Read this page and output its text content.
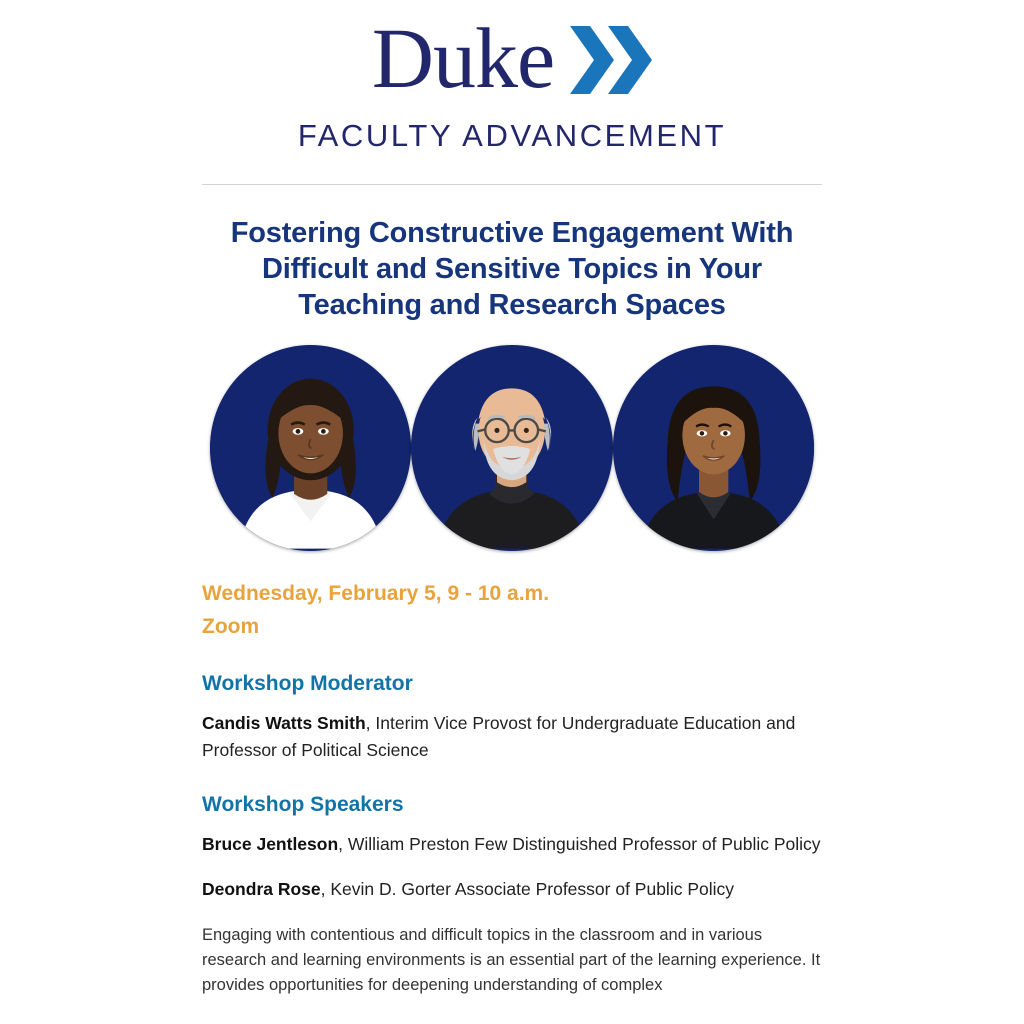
Duke
FACULTY ADVANCEMENT
Fostering Constructive Engagement With Difficult and Sensitive Topics in Your Teaching and Research Spaces
Wednesday, February 5, 9 - 10 a.m.
Zoom
Workshop Moderator

Candis Watts Smith, Interim Vice Provost for Undergraduate Education and Professor of Political Science

Workshop Speakers

Bruce Jentleson, William Preston Few Distinguished Professor of Public Policy

Deondra Rose, Kevin D. Gorter Associate Professor of Public Policy

Engaging with contentious and difficult topics in the classroom and in various research and learning environments is an essential part of the learning experience. It provides opportunities for deepening understanding of complex
